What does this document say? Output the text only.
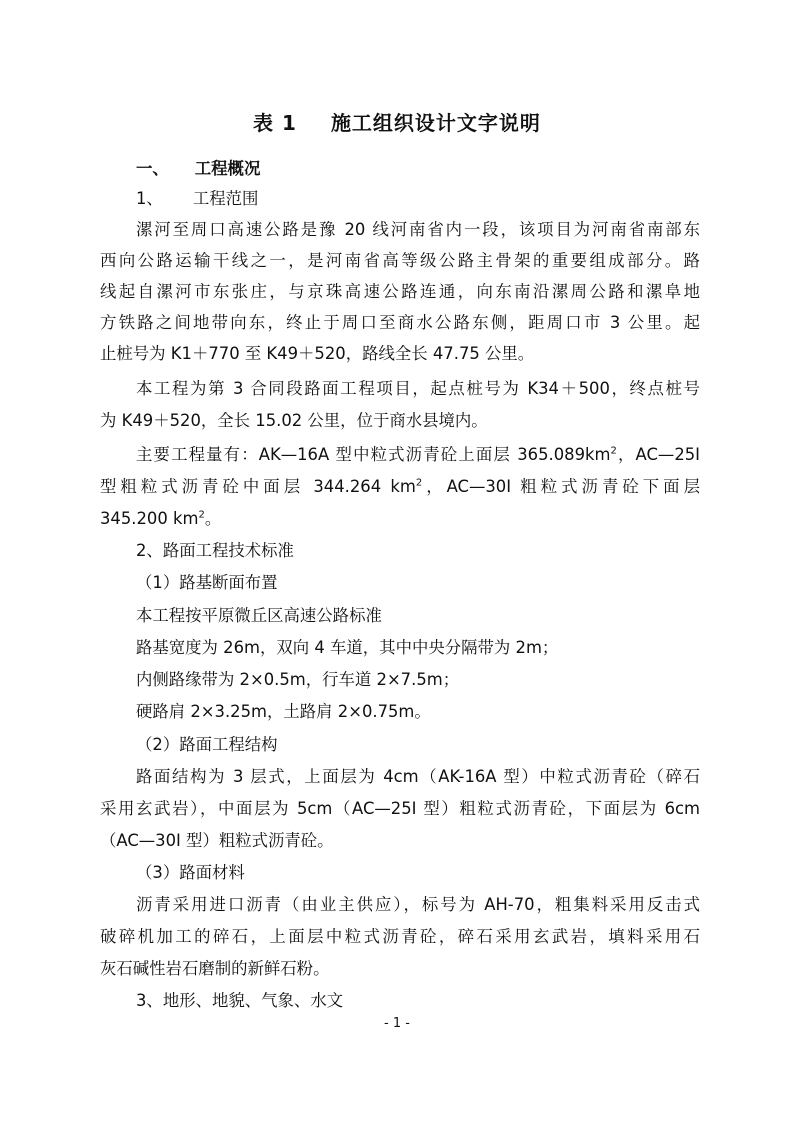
表 1 施工组织设计文字说明
一、 工程概况
1、 工程范围
漯河至周口高速公路是豫 20 线河南省内一段，该项目为河南省南部东
西向公路运输干线之一，是河南省高等级公路主骨架的重要组成部分。路
线起自漯河市东张庄，与京珠高速公路连通，向东南沿漯周公路和漯阜地
方铁路之间地带向东，终止于周口至商水公路东侧，距周口市 3 公里。起
止桩号为 K1＋770 至 K49＋520，路线全长 47.75 公里。
本工程为第 3 合同段路面工程项目，起点桩号为 K34＋500，终点桩号
为 K49＋520，全长 15.02 公里，位于商水县境内。
主要工程量有：AK—16A 型中粒式沥青砼上面层 $365.089km^2$，AC—25I
型粗粒式沥青砼中面层 344.264 $km^2$，AC—30I 粗粒式沥青砼下面层
345.200 $km^2$。
2、路面工程技术标准
（1）路基断面布置
本工程按平原微丘区高速公路标准
路基宽度为 26m，双向 4 车道，其中中央分隔带为 2m；
内侧路缘带为 2×0.5m，行车道 2×7.5m；
硬路肩 2×3.25m，土路肩 2×0.75m。
（2）路面工程结构
路面结构为 3 层式，上面层为 4cm（AK-16A 型）中粒式沥青砼（碎石
采用玄武岩），中面层为 5cm（AC—25I 型）粗粒式沥青砼，下面层为 6cm
（AC—30I 型）粗粒式沥青砼。
（3）路面材料
沥青采用进口沥青（由业主供应），标号为 AH-70，粗集料采用反击式
破碎机加工的碎石，上面层中粒式沥青砼，碎石采用玄武岩，填料采用石
灰石碱性岩石磨制的新鲜石粉。
3、地形、地貌、气象、水文
- 1 -
